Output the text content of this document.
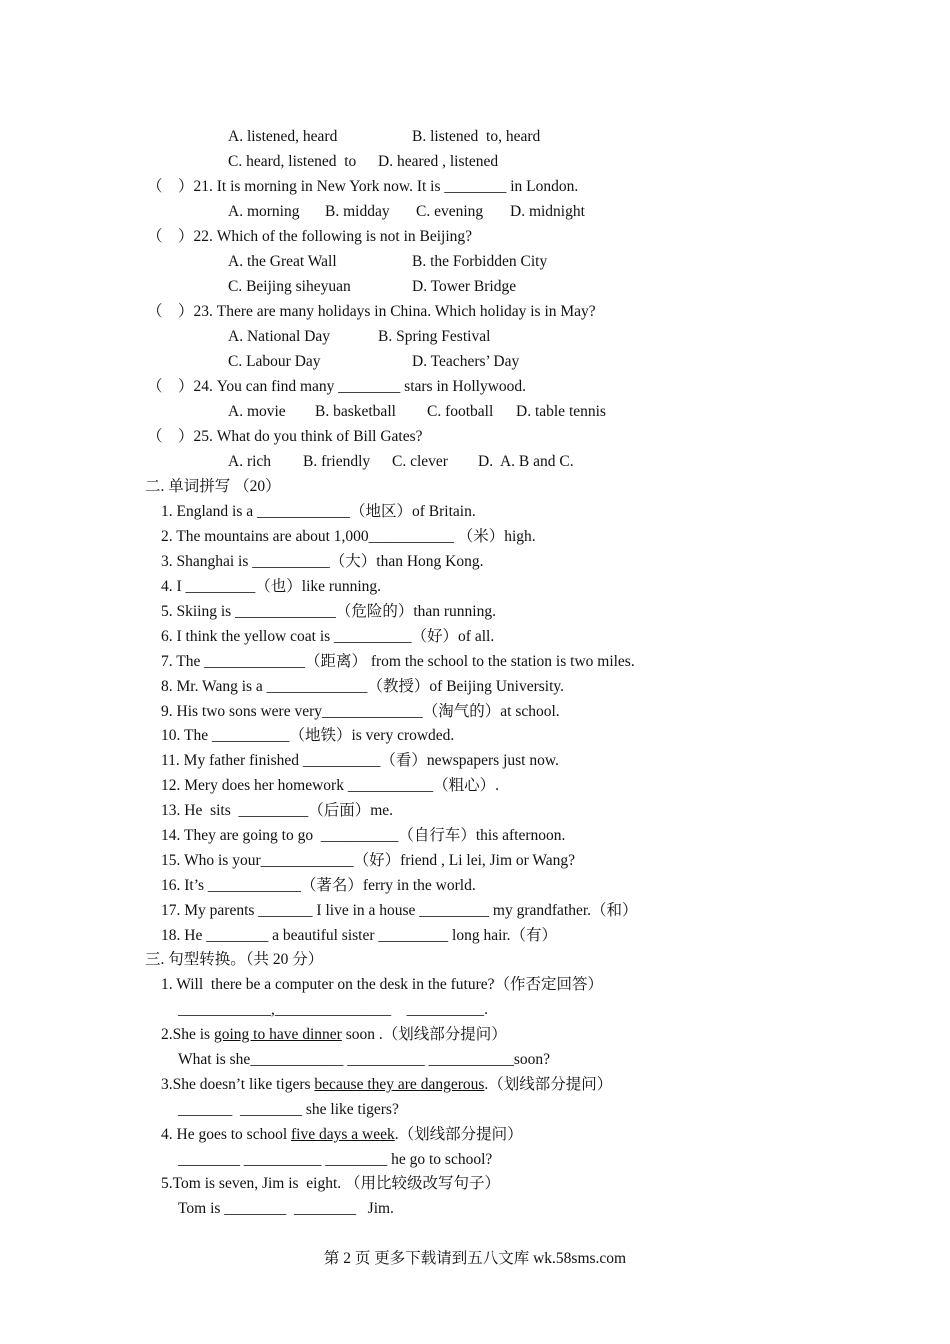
A. listened, heard	B. listened  to, heard
C. heard, listened  to D. heared , listened
（    ）21. It is morning in New York now. It is ________ in London.
A. morning B. midday C. evening D. midnight
（    ）22. Which of the following is not in Beijing?
A. the Great Wall	B. the Forbidden City
C. Beijing siheyuan	D. Tower Bridge
（    ）23. There are many holidays in China. Which holiday is in May?
A. National Day	B. Spring Festival
C. Labour Day	D. Teachers’ Day
（    ）24. You can find many ________ stars in Hollywood.
A. movie B. basketball C. football D. table tennis
（    ）25. What do you think of Bill Gates?
A. rich B. friendly C. clever D.  A. B and C.
二. 单词拼写 （20）
1. England is a ____________（地区）of Britain.
2. The mountains are about 1,000___________ （米）high.
3. Shanghai is __________（大）than Hong Kong.
4. I _________（也）like running.
5. Skiing is _____________（危险的）than running.
6. I think the yellow coat is __________（好）of all.
7. The _____________（距离） from the school to the station is two miles.
8. Mr. Wang is a _____________（教授）of Beijing University.
9. His two sons were very_____________（淘气的）at school.
10. The __________（地铁）is very crowded.
11. My father finished __________（看）newspapers just now.
12. Mery does her homework ___________（粗心）.
13. He  sits  _________（后面）me.
14. They are going to go  __________（自行车）this afternoon.
15. Who is your____________（好）friend , Li lei, Jim or Wang?
16. It’s ____________（著名）ferry in the world.
17. My parents _______ I live in a house _________ my grandfather.（和）
18. He ________ a beautiful sister _________ long hair.（有）
三. 句型转换。（共 20 分）
1. Will  there be a computer on the desk in the future?（作否定回答）
____________,_______________    __________.
2.She is going to have dinner soon .（划线部分提问）
What is she____________ __________ ___________soon?
3.She doesn’t like tigers because they are dangerous.（划线部分提问）
_______  ________ she like tigers?
4. He goes to school five days a week.（划线部分提问）
________ __________ ________ he go to school?
5.Tom is seven, Jim is  eight. （用比较级改写句子）
Tom is ________  ________   Jim.
第 2 页 更多下载请到五八文库 wk.58sms.com
